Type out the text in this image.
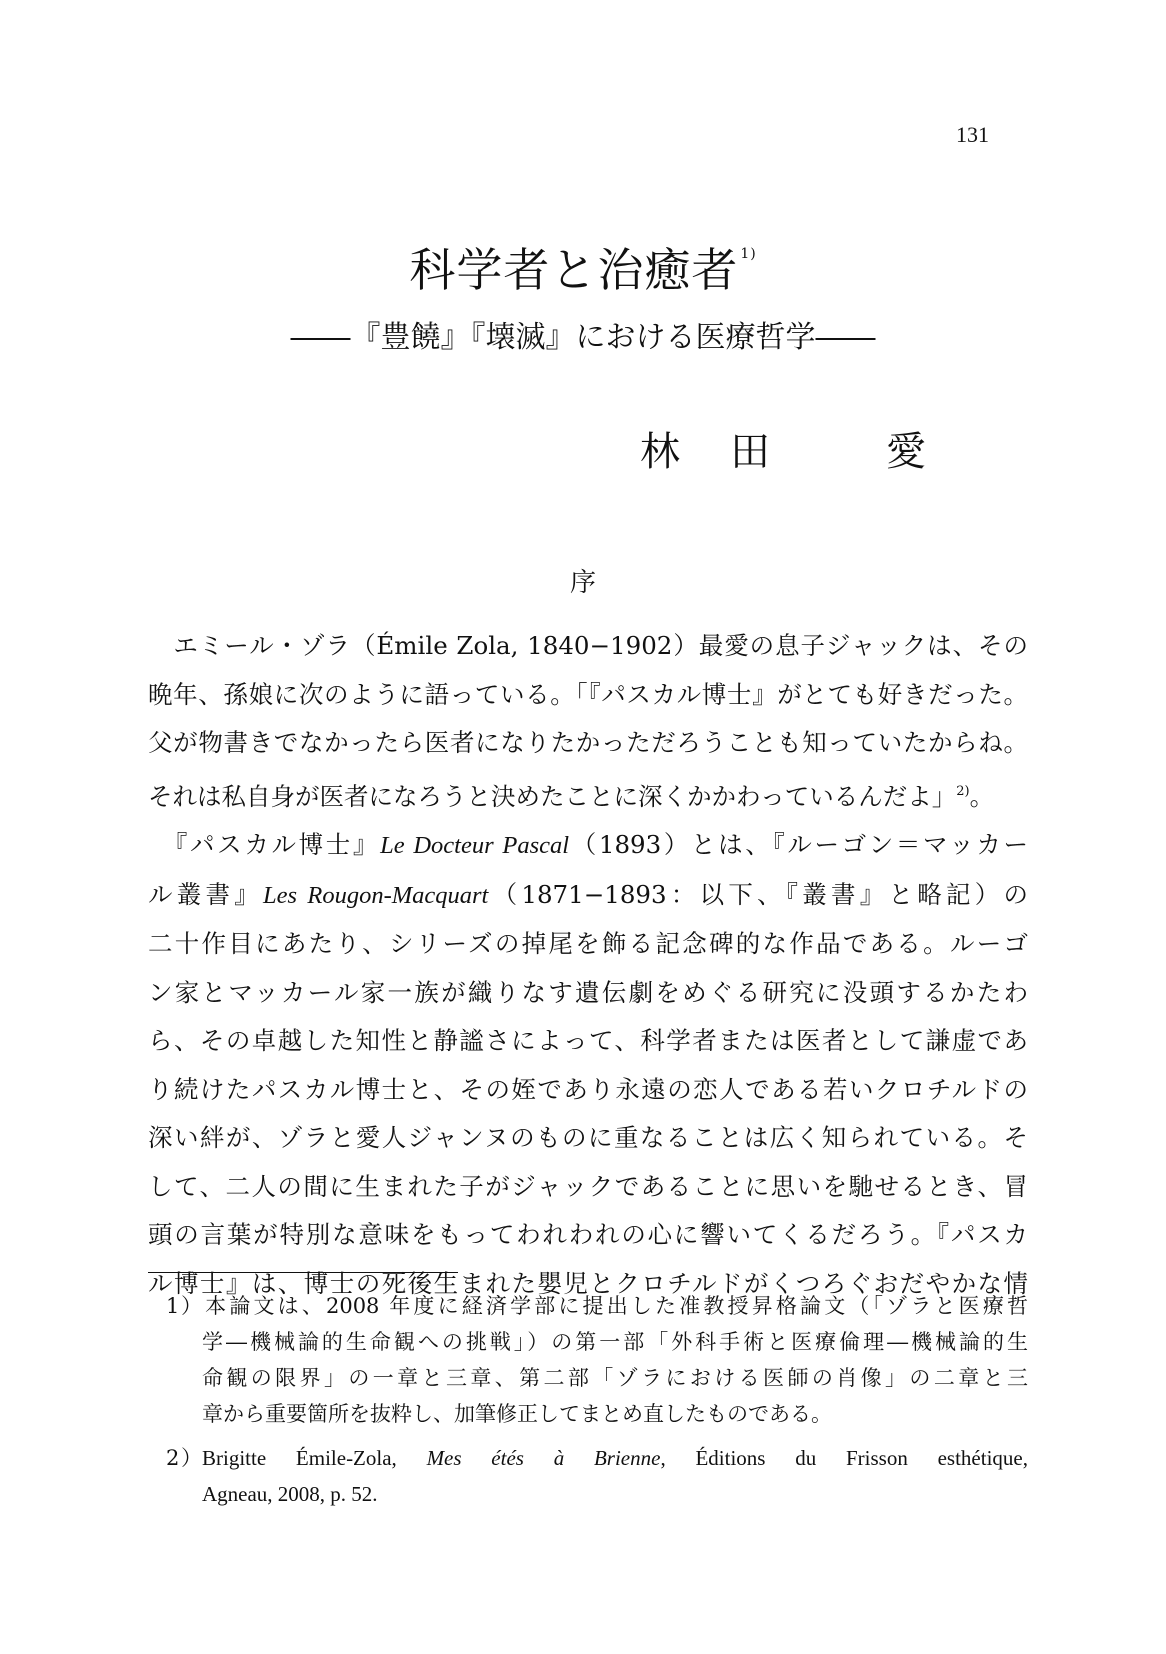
131
科学者と治癒者 $^{1)}$
――『豊饒』『壊滅』における医療哲学――
林 田	愛
序

　エミール・ゾラ（Émile Zola, 1840−1902）最愛の息子ジャックは、その
晩年、孫娘に次のように語っている。「『パスカル博士』がとても好きだった。
父が物書きでなかったら医者になりたかっただろうことも知っていたからね。
それは私自身が医者になろうと決めたことに深くかかわっているんだよ」$^{2)}$。

　『パスカル博士』Le Docteur Pascal（1893）とは、『ルーゴン＝マッカー
ル叢書』Les Rougon-Macquart（1871−1893：以下、『叢書』と略記）の
二十作目にあたり、シリーズの掉尾を飾る記念碑的な作品である。ルーゴ
ン家とマッカール家一族が織りなす遺伝劇をめぐる研究に没頭するかたわ
ら、その卓越した知性と静謐さによって、科学者または医者として謙虚であ
り続けたパスカル博士と、その姪であり永遠の恋人である若いクロチルドの
深い絆が、ゾラと愛人ジャンヌのものに重なることは広く知られている。そ
して、二人の間に生まれた子がジャックであることに思いを馳せるとき、冒
頭の言葉が特別な意味をもってわれわれの心に響いてくるだろう。『パスカ
ル博士』は、博士の死後生まれた嬰児とクロチルドがくつろぐおだやかな情

1）本論文は、2008 年度に経済学部に提出した准教授昇格論文（「ゾラと医療哲
学―機械論的生命観への挑戦」）の第一部「外科手術と医療倫理―機械論的生
命観の限界」の一章と三章、第二部「ゾラにおける医師の肖像」の二章と三
章から重要箇所を抜粋し、加筆修正してまとめ直したものである。
2）Brigitte Émile-Zola, Mes étés à Brienne, Éditions du Frisson esthétique,
Agneau, 2008, p. 52.
